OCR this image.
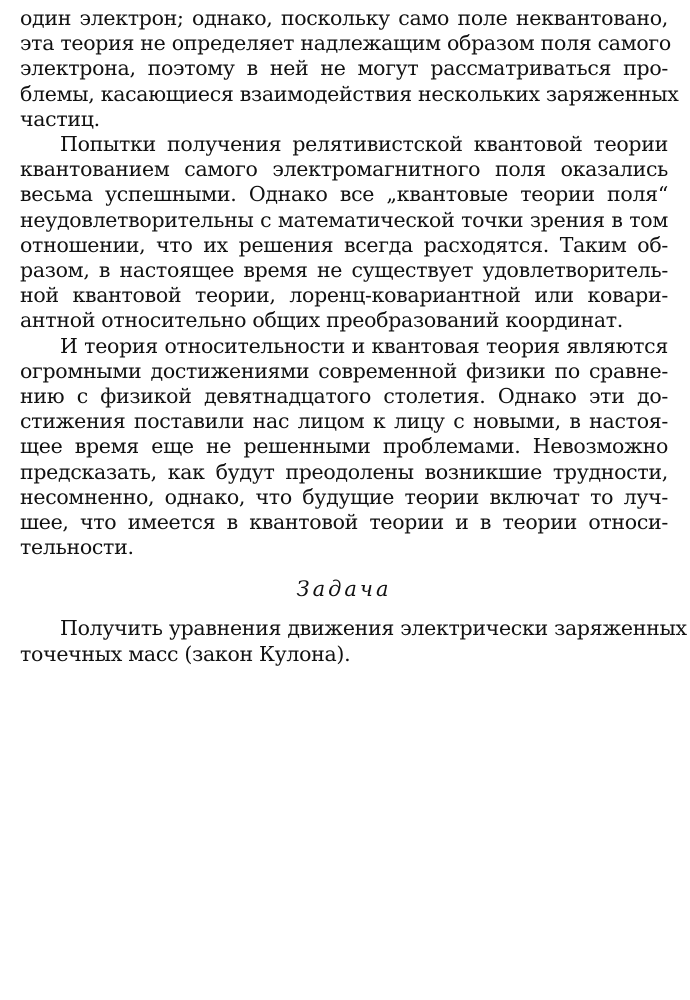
один электрон; однако, поскольку само поле неквантовано,
эта теория не определяет надлежащим образом поля самого
электрона, поэтому в ней не могут рассматриваться про-
блемы, касающиеся взаимодействия нескольких заряженных
частиц.
Попытки получения релятивистской квантовой теории
квантованием самого электромагнитного поля оказались
весьма успешными. Однако все „квантовые теории поля“
неудовлетворительны с математической точки зрения в том
отношении, что их решения всегда расходятся. Таким об-
разом, в настоящее время не существует удовлетворитель-
ной квантовой теории, лоренц-ковариантной или ковари-
антной относительно общих преобразований координат.
И теория относительности и квантовая теория являются
огромными достижениями современной физики по сравне-
нию с физикой девятнадцатого столетия. Однако эти до-
стижения поставили нас лицом к лицу с новыми, в настоя-
щее время еще не решенными проблемами. Невозможно
предсказать, как будут преодолены возникшие трудности,
несомненно, однако, что будущие теории включат то луч-
шее, что имеется в квантовой теории и в теории относи-
тельности.
Задача
Получить уравнения движения электрически заряженных
точечных масс (закон Кулона).
